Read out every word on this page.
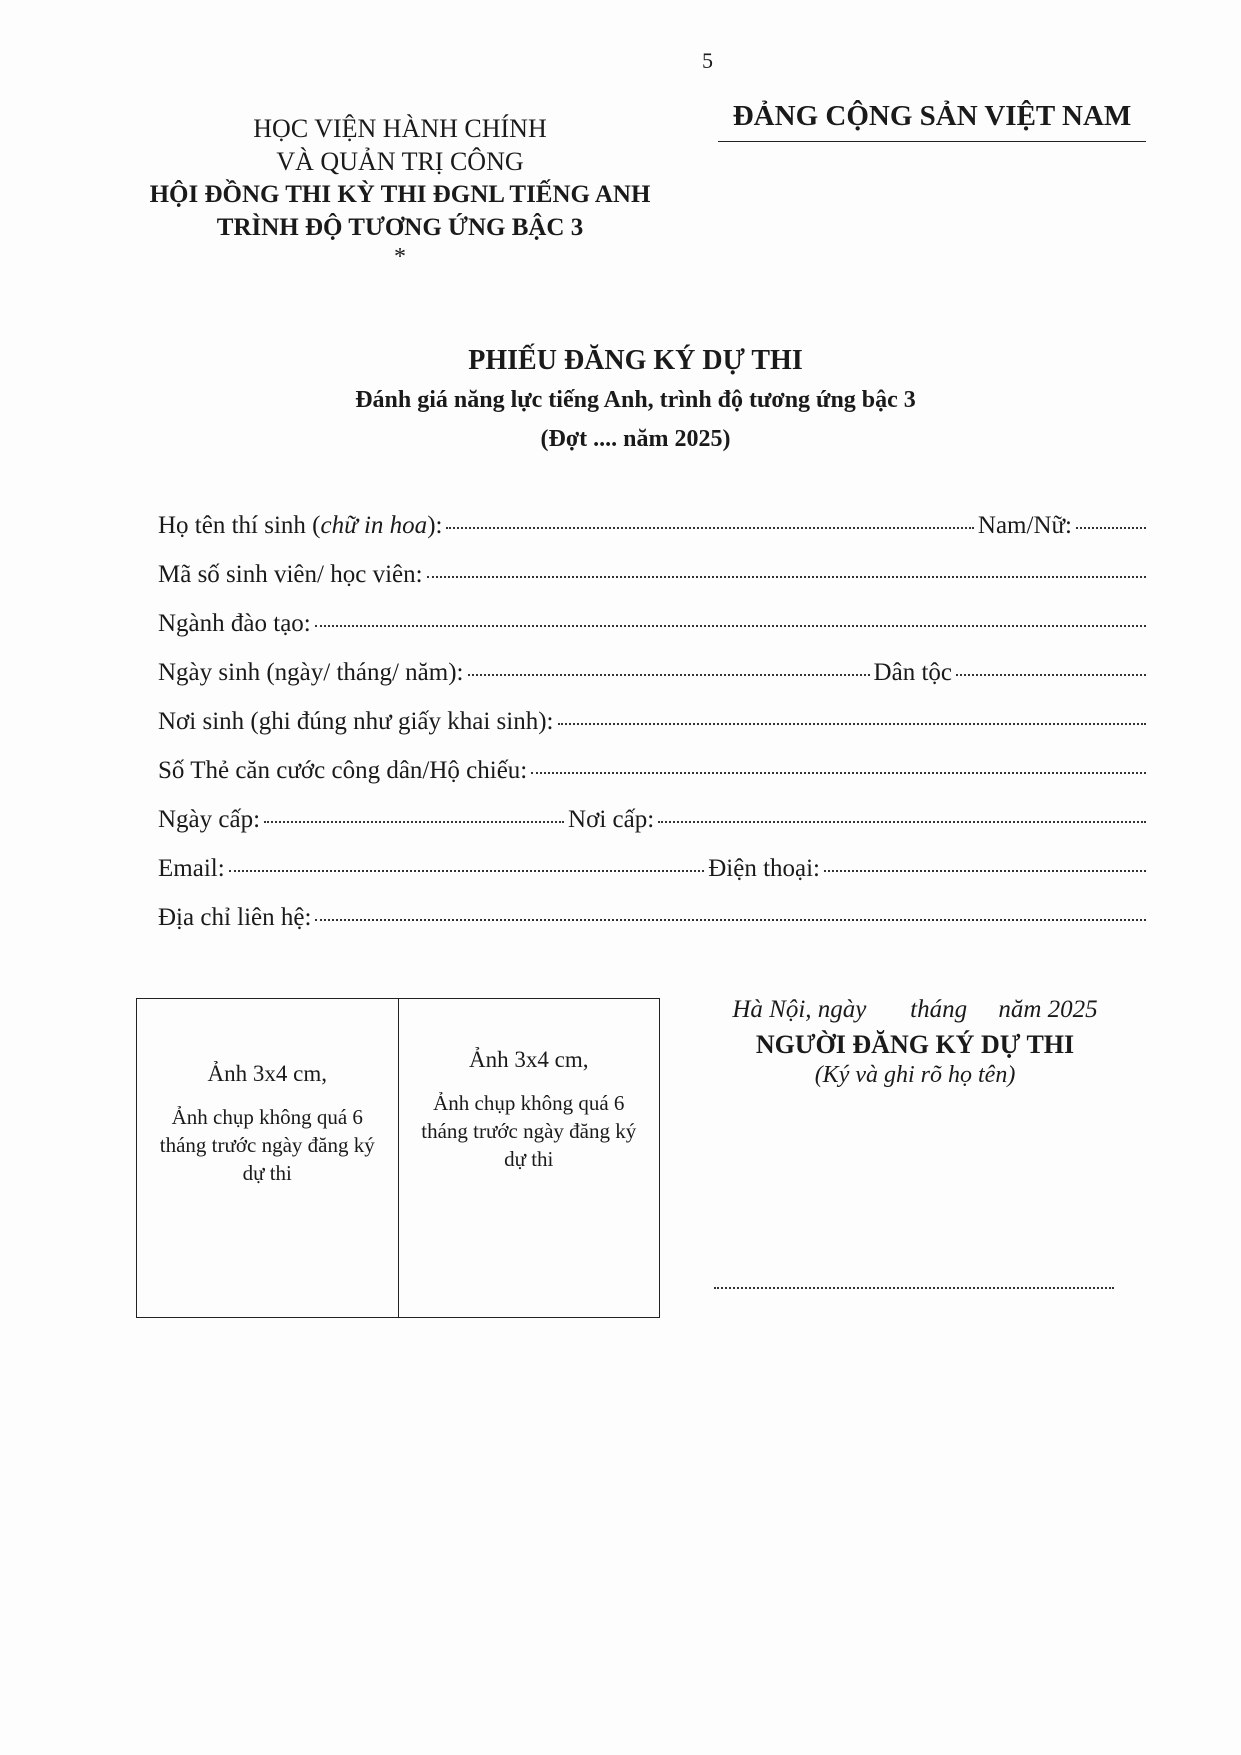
5
HỌC VIỆN HÀNH CHÍNH
VÀ QUẢN TRỊ CÔNG
HỘI ĐỒNG THI KỲ THI ĐGNL TIẾNG ANH
TRÌNH ĐỘ TƯƠNG ỨNG BẬC 3
*
ĐẢNG CỘNG SẢN VIỆT NAM
PHIẾU ĐĂNG KÝ DỰ THI
Đánh giá năng lực tiếng Anh, trình độ tương ứng bậc 3
(Đợt .... năm 2025)
Họ tên thí sinh (chữ in hoa):	Nam/Nữ:
Mã số sinh viên/ học viên:
Ngành đào tạo:
Ngày sinh (ngày/ tháng/ năm):	Dân tộc
Nơi sinh (ghi đúng như giấy khai sinh):
Số Thẻ căn cước công dân/Hộ chiếu:
Ngày cấp:	Nơi cấp:
Email:	Điện thoại:
Địa chỉ liên hệ:
Ảnh 3x4 cm,
Ảnh chụp không quá 6 tháng trước ngày đăng ký dự thi
Ảnh 3x4 cm,
Ảnh chụp không quá 6 tháng trước ngày đăng ký dự thi
Hà Nội, ngày       tháng     năm 2025
NGƯỜI ĐĂNG KÝ DỰ THI
(Ký và ghi rõ họ tên)
